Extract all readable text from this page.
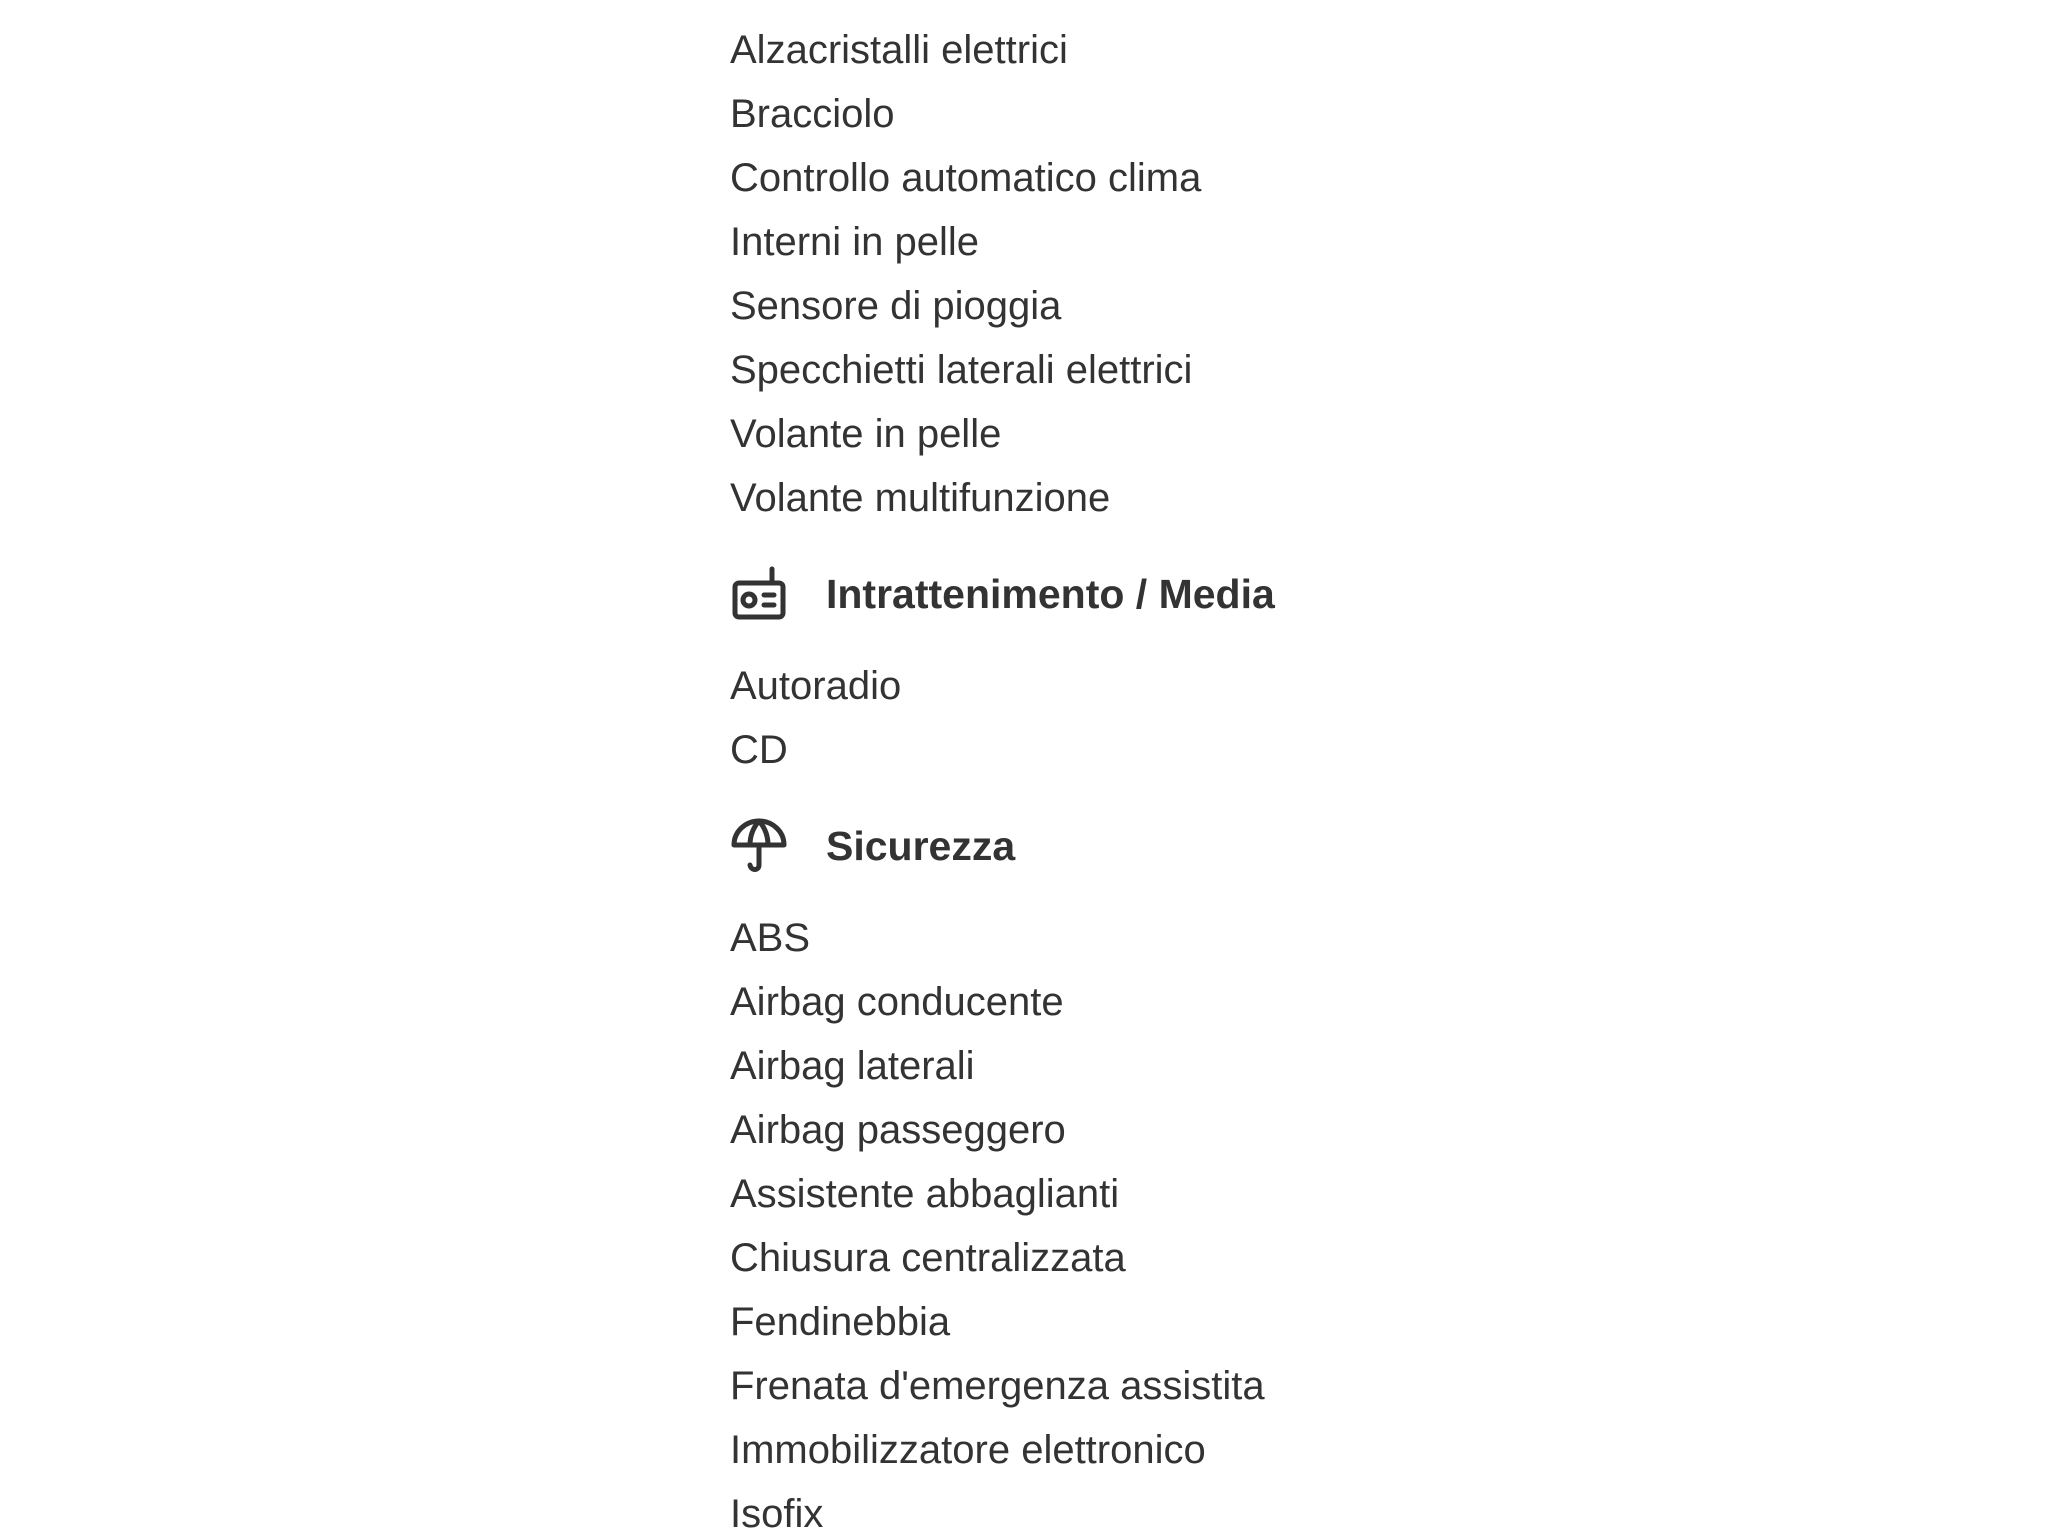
Alzacristalli elettrici
Bracciolo
Controllo automatico clima
Interni in pelle
Sensore di pioggia
Specchietti laterali elettrici
Volante in pelle
Volante multifunzione
Intrattenimento / Media
Autoradio
CD
Sicurezza
ABS
Airbag conducente
Airbag laterali
Airbag passeggero
Assistente abbaglianti
Chiusura centralizzata
Fendinebbia
Frenata d'emergenza assistita
Immobilizzatore elettronico
Isofix
